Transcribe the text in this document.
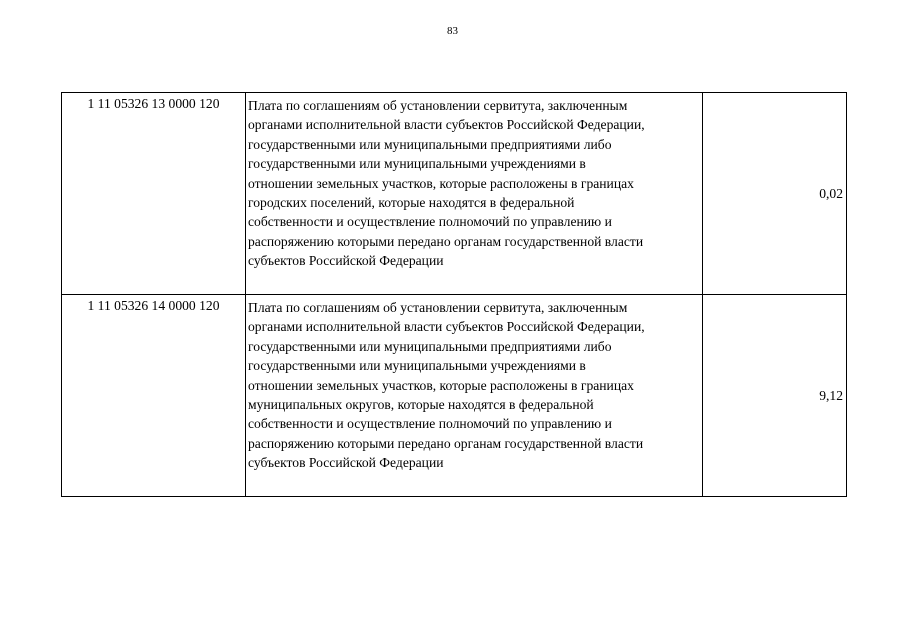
83
1 11 05326 13 0000 120	Плата по соглашениям об установлении сервитута, заключенным
органами исполнительной власти субъектов Российской Федерации,
государственными или муниципальными предприятиями либо
государственными или муниципальными учреждениями в
отношении земельных участков, которые расположены в границах
городских поселений, которые находятся в федеральной
собственности и осуществление полномочий по управлению и
распоряжению которыми передано органам государственной власти
субъектов Российской Федерации
	0,02
1 11 05326 14 0000 120	Плата по соглашениям об установлении сервитута, заключенным
органами исполнительной власти субъектов Российской Федерации,
государственными или муниципальными предприятиями либо
государственными или муниципальными учреждениями в
отношении земельных участков, которые расположены в границах
муниципальных округов, которые находятся в федеральной
собственности и осуществление полномочий по управлению и
распоряжению которыми передано органам государственной власти
субъектов Российской Федерации
	9,12
